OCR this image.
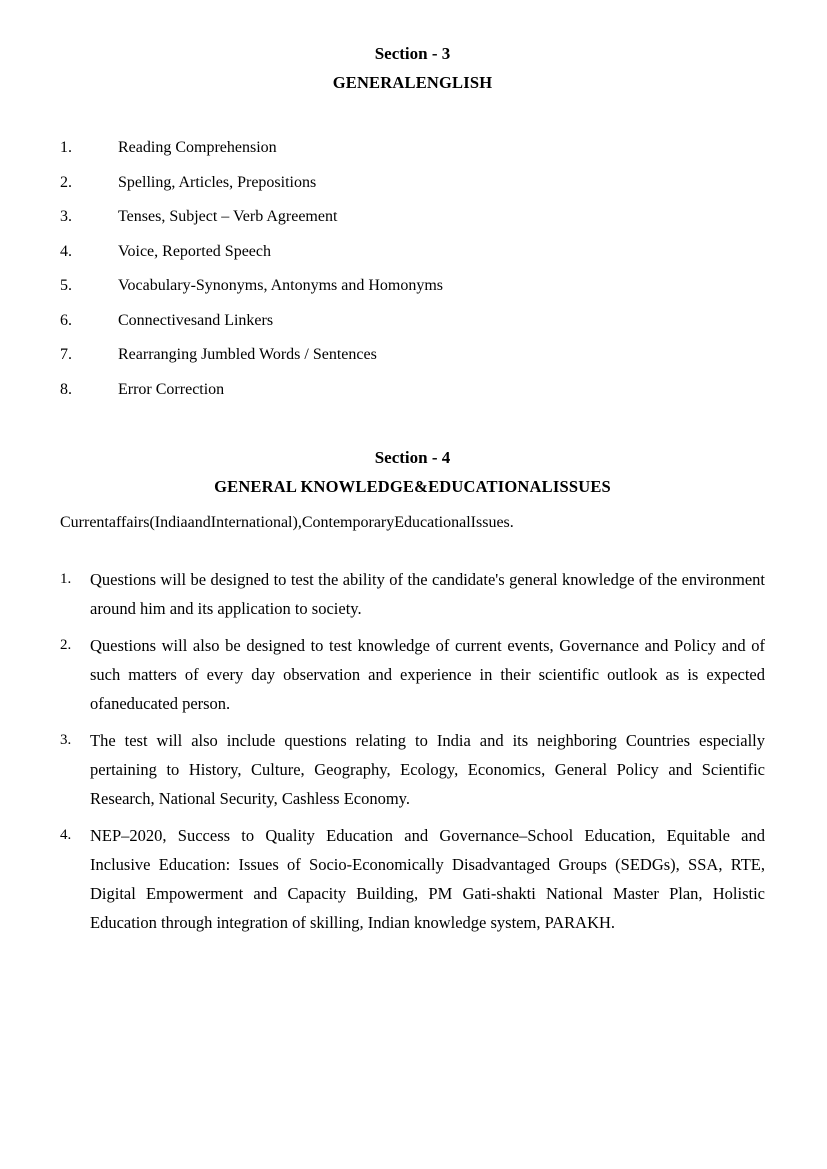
Section - 3
GENERALENGLISH
1.	Reading Comprehension
2.	Spelling, Articles, Prepositions
3.	Tenses, Subject – Verb Agreement
4.	Voice, Reported Speech
5.	Vocabulary-Synonyms, Antonyms and Homonyms
6.	Connectivesand Linkers
7.	Rearranging Jumbled Words / Sentences
8.	Error Correction
Section - 4
GENERAL KNOWLEDGE&EDUCATIONALISSUES
Currentaffairs(IndiaandInternational),ContemporaryEducationalIssues.
1.	Questions will be designed to test the ability of the candidate's general knowledge of the environment around him and its application to society.
2.	Questions will also be designed to test knowledge of current events, Governance and Policy and of such matters of every day observation and experience in their scientific outlook as is expected ofaneducated person.
3.	The test will also include questions relating to India and its neighboring Countries especially pertaining to History, Culture, Geography, Ecology, Economics, General Policy and Scientific Research, National Security, Cashless Economy.
4.	NEP–2020, Success to Quality Education and Governance–School Education, Equitable and Inclusive Education: Issues of Socio-Economically Disadvantaged Groups (SEDGs), SSA, RTE, Digital Empowerment and Capacity Building, PM Gati-shakti National Master Plan, Holistic Education through integration of skilling, Indian knowledge system, PARAKH.
